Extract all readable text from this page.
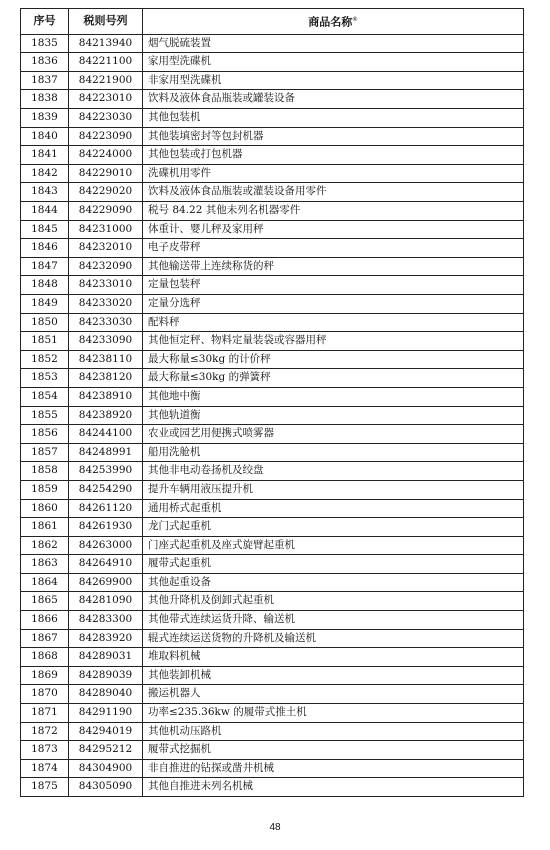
序号	税则号列	商品名称⑥
1835	84213940	烟气脱硫装置
1836	84221100	家用型洗碟机
1837	84221900	非家用型洗碟机
1838	84223010	饮料及液体食品瓶装或罐装设备
1839	84223030	其他包装机
1840	84223090	其他装填密封等包封机器
1841	84224000	其他包装或打包机器
1842	84229010	洗碟机用零件
1843	84229020	饮料及液体食品瓶装或灌装设备用零件
1844	84229090	税号 84.22 其他未列名机器零件
1845	84231000	体重计、婴儿秤及家用秤
1846	84232010	电子皮带秤
1847	84232090	其他输送带上连续称货的秤
1848	84233010	定量包装秤
1849	84233020	定量分选秤
1850	84233030	配料秤
1851	84233090	其他恒定秤、物料定量装袋或容器用秤
1852	84238110	最大称量≤30kg 的计价秤
1853	84238120	最大称量≤30kg 的弹簧秤
1854	84238910	其他地中衡
1855	84238920	其他轨道衡
1856	84244100	农业或园艺用便携式喷雾器
1857	84248991	船用洗舱机
1858	84253990	其他非电动卷扬机及绞盘
1859	84254290	提升车辆用液压提升机
1860	84261120	通用桥式起重机
1861	84261930	龙门式起重机
1862	84263000	门座式起重机及座式旋臂起重机
1863	84264910	履带式起重机
1864	84269900	其他起重设备
1865	84281090	其他升降机及倒卸式起重机
1866	84283300	其他带式连续运货升降、输送机
1867	84283920	辊式连续运送货物的升降机及输送机
1868	84289031	堆取料机械
1869	84289039	其他装卸机械
1870	84289040	搬运机器人
1871	84291190	功率≤235.36kw 的履带式推土机
1872	84294019	其他机动压路机
1873	84295212	履带式挖掘机
1874	84304900	非自推进的钻探或凿井机械
1875	84305090	其他自推进未列名机械
48
